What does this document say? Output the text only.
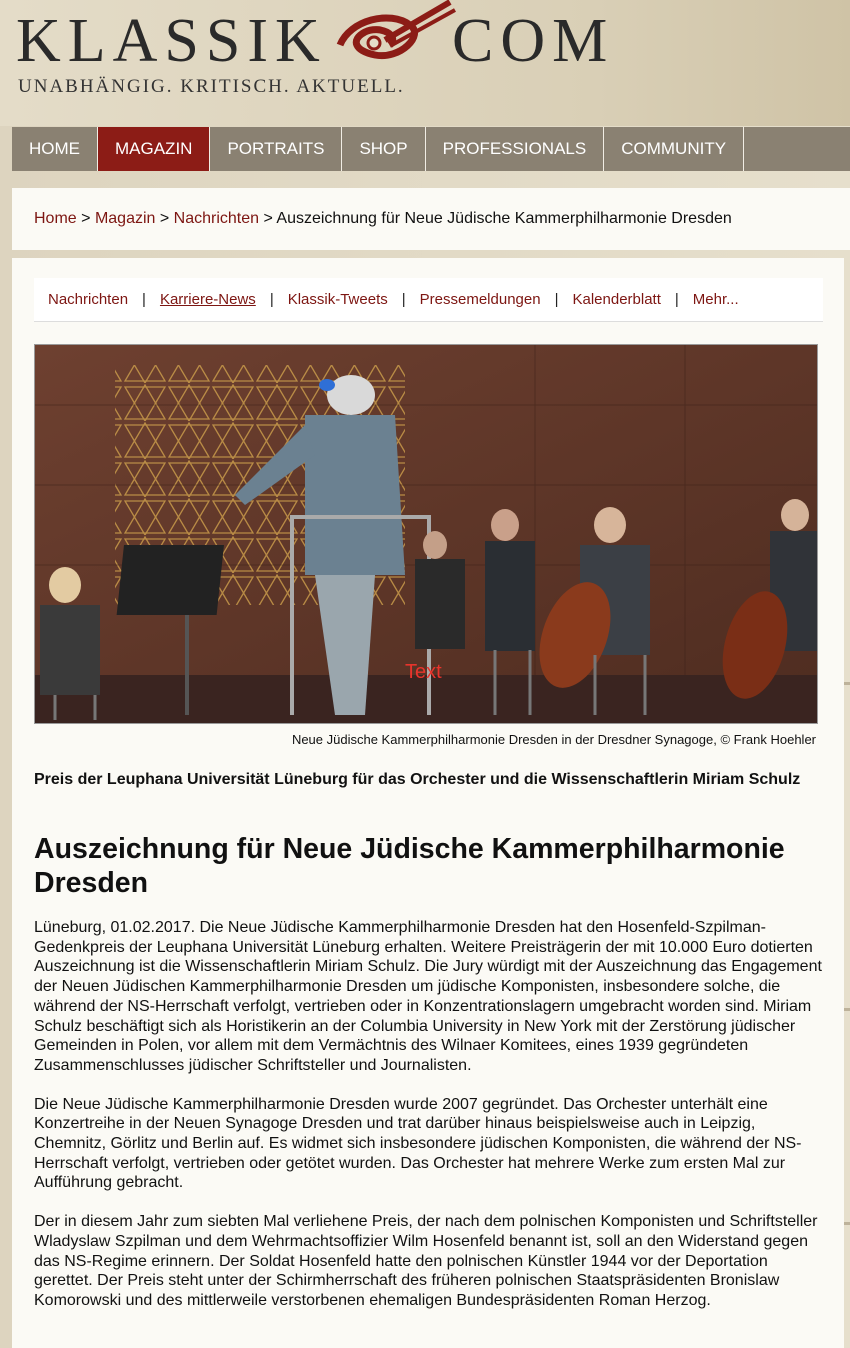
KLASSIK COM
UNABHÄNGIG. KRITISCH. AKTUELL.
HOME	MAGAZIN	PORTRAITS	SHOP	PROFESSIONALS	COMMUNITY
Home > Magazin > Nachrichten > Auszeichnung für Neue Jüdische Kammerphilharmonie Dresden
Nachrichten | Karriere-News | Klassik-Tweets | Pressemeldungen | Kalenderblatt | Mehr...
Text
Neue Jüdische Kammerphilharmonie Dresden in der Dresdner Synagoge, © Frank Hoehler
Preis der Leuphana Universität Lüneburg für das Orchester und die Wissenschaftlerin Miriam Schulz
Auszeichnung für Neue Jüdische Kammerphilharmonie Dresden

Lüneburg, 01.02.2017. Die Neue Jüdische Kammerphilharmonie Dresden hat den Hosenfeld-Szpilman-Gedenkpreis der Leuphana Universität Lüneburg erhalten. Weitere Preisträgerin der mit 10.000 Euro dotierten Auszeichnung ist die Wissenschaftlerin Miriam Schulz. Die Jury würdigt mit der Auszeichnung das Engagement der Neuen Jüdischen Kammerphilharmonie Dresden um jüdische Komponisten, insbesondere solche, die während der NS-Herrschaft verfolgt, vertrieben oder in Konzentrationslagern umgebracht worden sind. Miriam Schulz beschäftigt sich als Horistikerin an der Columbia University in New York mit der Zerstörung jüdischer Gemeinden in Polen, vor allem mit dem Vermächtnis des Wilnaer Komitees, eines 1939 gegründeten Zusammenschlusses jüdischer Schriftsteller und Journalisten.

Die Neue Jüdische Kammerphilharmonie Dresden wurde 2007 gegründet. Das Orchester unterhält eine Konzertreihe in der Neuen Synagoge Dresden und trat darüber hinaus beispielsweise auch in Leipzig, Chemnitz, Görlitz und Berlin auf. Es widmet sich insbesondere jüdischen Komponisten, die während der NS-Herrschaft verfolgt, vertrieben oder getötet wurden. Das Orchester hat mehrere Werke zum ersten Mal zur Aufführung gebracht.

Der in diesem Jahr zum siebten Mal verliehene Preis, der nach dem polnischen Komponisten und Schriftsteller Wladyslaw Szpilman und dem Wehrmachtsoffizier Wilm Hosenfeld benannt ist, soll an den Widerstand gegen das NS-Regime erinnern. Der Soldat Hosenfeld hatte den polnischen Künstler 1944 vor der Deportation gerettet. Der Preis steht unter der Schirmherrschaft des früheren polnischen Staatspräsidenten Bronislaw Komorowski und des mittlerweile verstorbenen ehemaligen Bundespräsidenten Roman Herzog.
